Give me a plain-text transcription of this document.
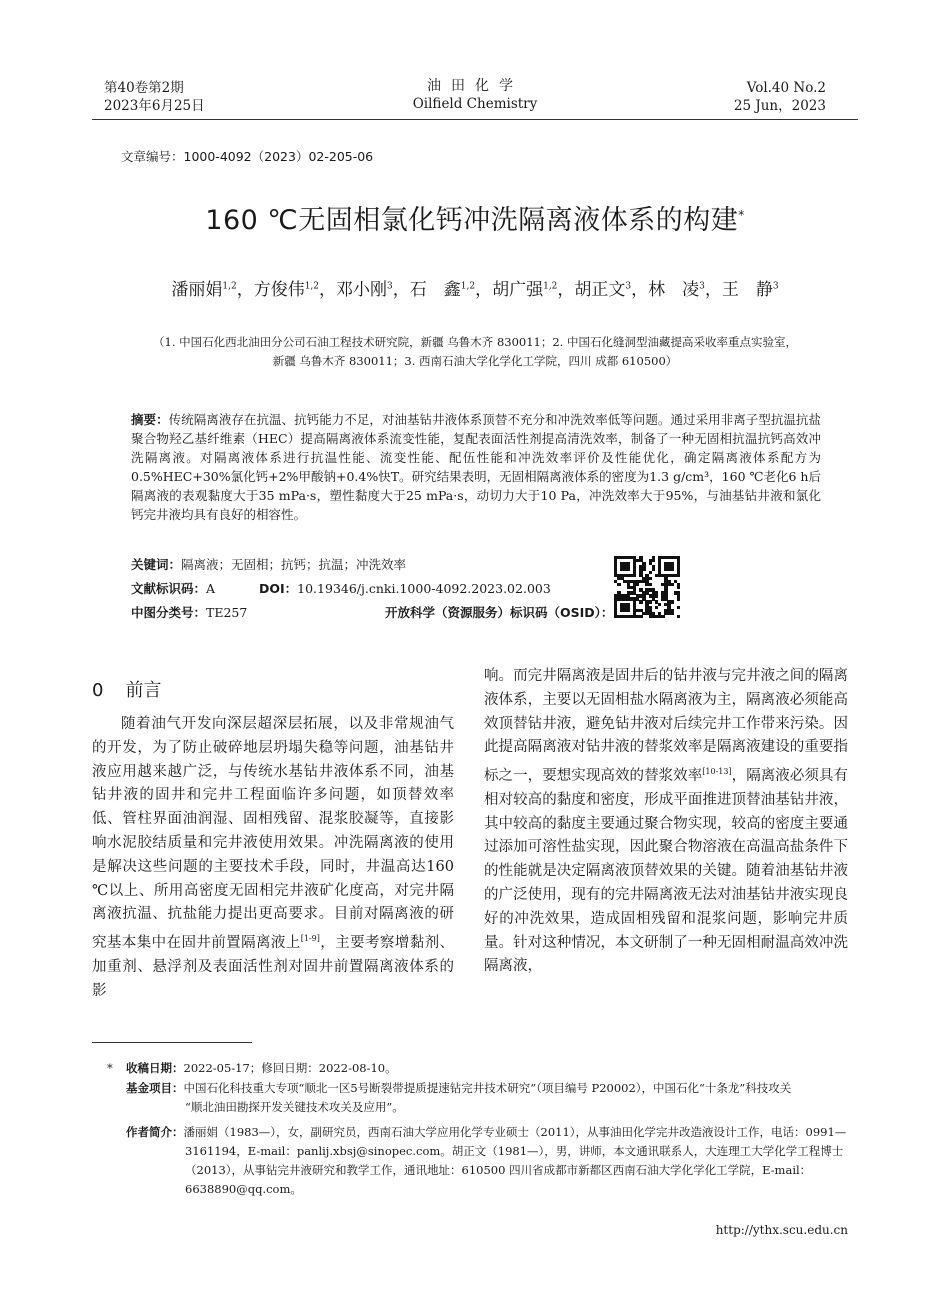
第40卷第2期
2023年6月25日
油田化学
Oilfield Chemistry
Vol.40 No.2
25 Jun，2023
文章编号：1000-4092（2023）02-205-06
160 ℃无固相氯化钙冲洗隔离液体系的构建*
潘丽娟$^{1,2}$，方俊伟$^{1,2}$，邓小刚$^3$，石　鑫$^{1,2}$，胡广强$^{1,2}$，胡正文$^3$，林　凌$^3$，王　静$^3$
（1. 中国石化西北油田分公司石油工程技术研究院，新疆 乌鲁木齐 830011；2. 中国石化缝洞型油藏提高采收率重点实验室，
新疆 乌鲁木齐 830011；3. 西南石油大学化学化工学院，四川 成都 610500）
摘要：传统隔离液存在抗温、抗钙能力不足，对油基钻井液体系顶替不充分和冲洗效率低等问题。通过采用非离子型抗温抗盐聚合物羟乙基纤维素（HEC）提高隔离液体系流变性能，复配表面活性剂提高清洗效率，制备了一种无固相抗温抗钙高效冲洗隔离液。对隔离液体系进行抗温性能、流变性能、配伍性能和冲洗效率评价及性能优化，确定隔离液体系配方为0.5%HEC+30%氯化钙+2%甲酸钠+0.4%快T。研究结果表明，无固相隔离液体系的密度为1.3 g/cm³，160 ℃老化6 h后隔离液的表观黏度大于35 mPa·s，塑性黏度大于25 mPa·s，动切力大于10 Pa，冲洗效率大于95%，与油基钻井液和氯化钙完井液均具有良好的相容性。
关键词：隔离液；无固相；抗钙；抗温；冲洗效率
文献标识码：A	DOI：10.19346/j.cnki.1000-4092.2023.02.003
中图分类号：TE257	开放科学（资源服务）标识码（OSID）：
0 前言
随着油气开发向深层超深层拓展，以及非常规油气的开发，为了防止破碎地层坍塌失稳等问题，油基钻井液应用越来越广泛，与传统水基钻井液体系不同，油基钻井液的固井和完井工程面临许多问题，如顶替效率低、管柱界面油润湿、固相残留、混浆胶凝等，直接影响水泥胶结质量和完井液使用效果。冲洗隔离液的使用是解决这些问题的主要技术手段，同时，井温高达160 ℃以上、所用高密度无固相完井液矿化度高，对完井隔离液抗温、抗盐能力提出更高要求。目前对隔离液的研究基本集中在固井前置隔离液上[1-9]，主要考察增黏剂、加重剂、悬浮剂及表面活性剂对固井前置隔离液体系的影
响。而完井隔离液是固井后的钻井液与完井液之间的隔离液体系，主要以无固相盐水隔离液为主，隔离液必须能高效顶替钻井液，避免钻井液对后续完井工作带来污染。因此提高隔离液对钻井液的替浆效率是隔离液建设的重要指标之一，要想实现高效的替浆效率[10-13]，隔离液必须具有相对较高的黏度和密度，形成平面推进顶替油基钻井液，其中较高的黏度主要通过聚合物实现，较高的密度主要通过添加可溶性盐实现，因此聚合物溶液在高温高盐条件下的性能就是决定隔离液顶替效果的关键。随着油基钻井液的广泛使用，现有的完井隔离液无法对油基钻井液实现良好的冲洗效果，造成固相残留和混浆问题，影响完井质量。针对这种情况，本文研制了一种无固相耐温高效冲洗隔离液，
* 收稿日期：2022-05-17；修回日期：2022-08-10。
基金项目：中国石化科技重大专项“顺北一区5号断裂带提质提速钻完井技术研究”（项目编号 P20002），中国石化“十条龙”科技攻关
“顺北油田勘探开发关键技术攻关及应用”。
作者简介：潘丽娟（1983—），女，副研究员，西南石油大学应用化学专业硕士（2011），从事油田化学完井改造液设计工作，电话：0991—
3161194，E-mail：panlij.xbsj@sinopec.com。胡正文（1981—），男，讲师，本文通讯联系人，大连理工大学化学工程博士
（2013），从事钻完井液研究和教学工作，通讯地址：610500 四川省成都市新都区西南石油大学化学化工学院，E-mail：
6638890@qq.com。
http://ythx.scu.edu.cn
